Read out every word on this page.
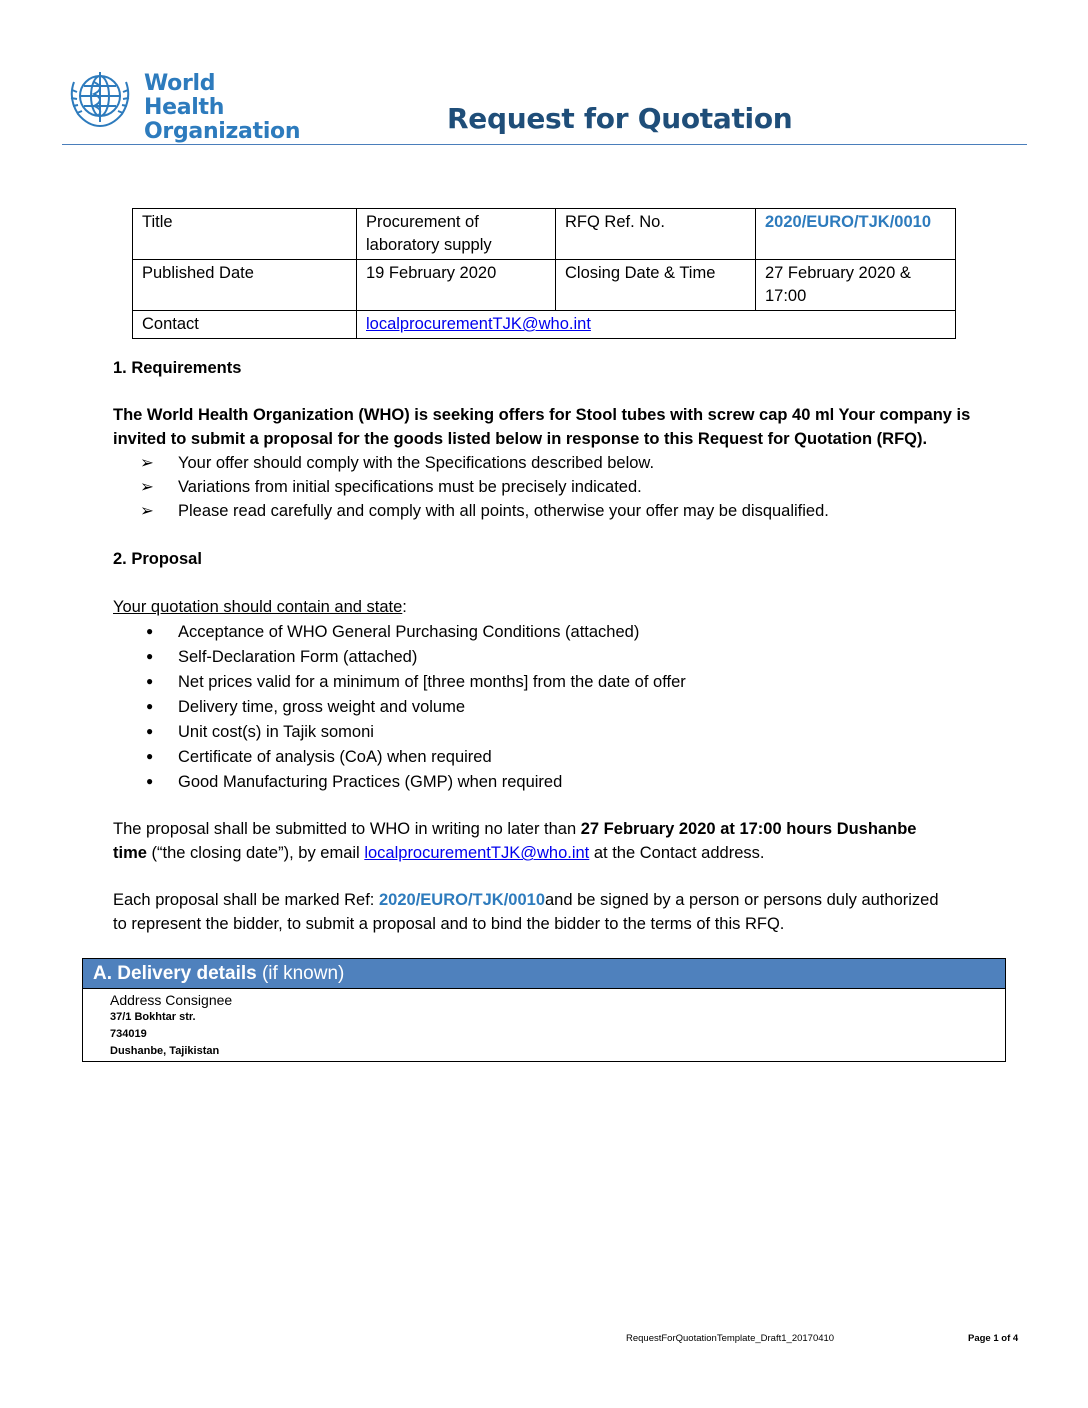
World Health
Organization	Request for Quotation
Title	Procurement of laboratory supply	RFQ Ref. No.	2020/EURO/TJK/0010
Published Date	19 February 2020	Closing Date & Time	27 February 2020 & 17:00
Contact	localprocurementTJK@who.int		
1. Requirements
The World Health Organization (WHO) is seeking offers for Stool tubes with screw cap 40 ml Your company is invited to submit a proposal for the goods listed below in response to this Request for Quotation (RFQ).
➢ Your offer should comply with the Specifications described below.
➢ Variations from initial specifications must be precisely indicated.
➢ Please read carefully and comply with all points, otherwise your offer may be disqualified.
2. Proposal
Your quotation should contain and state:
● Acceptance of WHO General Purchasing Conditions (attached)
● Self-Declaration Form (attached)
● Net prices valid for a minimum of [three months] from the date of offer
● Delivery time, gross weight and volume
● Unit cost(s) in Tajik somoni
● Certificate of analysis (CoA) when required
● Good Manufacturing Practices (GMP) when required
The proposal shall be submitted to WHO in writing no later than 27 February 2020 at 17:00 hours Dushanbe
time (“the closing date”), by email localprocurementTJK@who.int at the Contact address.
Each proposal shall be marked Ref: 2020/EURO/TJK/0010and be signed by a person or persons duly authorized
to represent the bidder, to submit a proposal and to bind the bidder to the terms of this RFQ.
A. Delivery details (if known)
Address Consignee
37/1 Bokhtar str.
734019
Dushanbe, Tajikistan
RequestForQuotationTemplate_Draft1_20170410	Page 1 of 4
